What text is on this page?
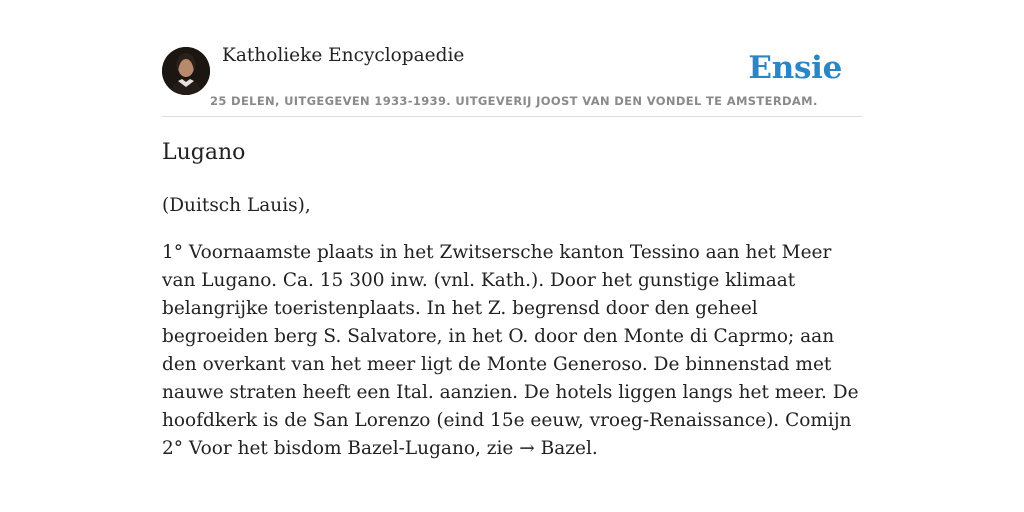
Katholieke Encyclopaedie	Ensie
25 DELEN, UITGEGEVEN 1933-1939. UITGEVERIJ JOOST VAN DEN VONDEL TE AMSTERDAM.
Lugano
(Duitsch Lauis),

1° Voornaamste plaats in het Zwitsersche kanton Tessino aan het Meer van Lugano. Ca. 15 300 inw. (vnl. Kath.). Door het gunstige klimaat belangrijke toeristenplaats. In het Z. begrensd door den geheel begroeiden berg S. Salvatore, in het O. door den Monte di Caprmo; aan den overkant van het meer ligt de Monte Generoso. De binnenstad met nauwe straten heeft een Ital. aanzien. De hotels liggen langs het meer. De hoofdkerk is de San Lorenzo (eind 15e eeuw, vroeg-Renaissance). Comijn

2° Voor het bisdom Bazel-Lugano, zie → Bazel.
